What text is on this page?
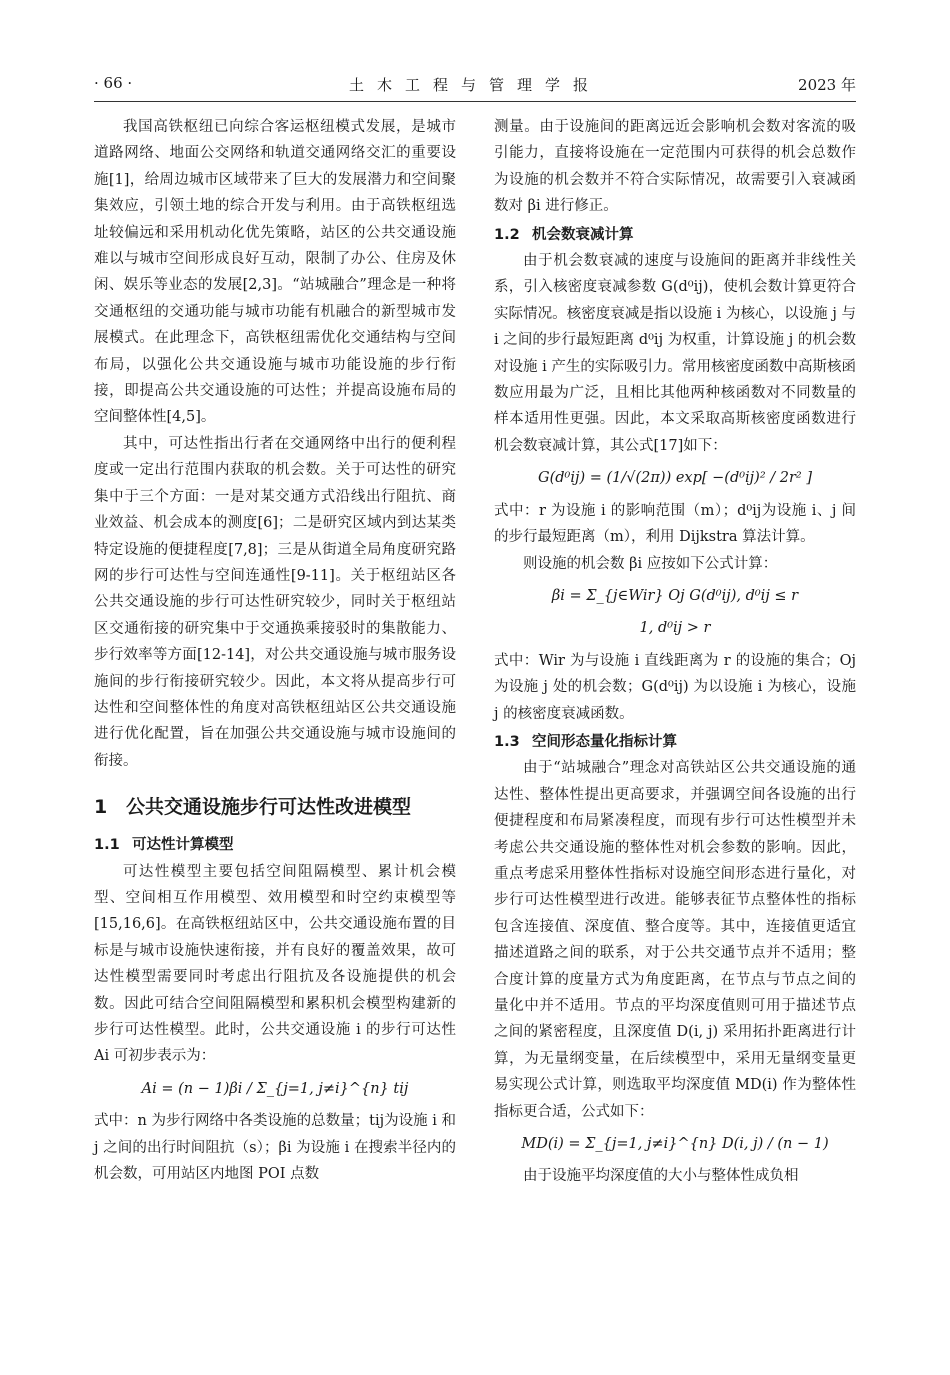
· 66 ·	土木工程与管理学报	2023 年

我国高铁枢纽已向综合客运枢纽模式发展，是城市道路网络、地面公交网络和轨道交通网络交汇的重要设施[1]，给周边城市区域带来了巨大的发展潜力和空间聚集效应，引领土地的综合开发与利用。由于高铁枢纽选址较偏远和采用机动化优先策略，站区的公共交通设施难以与城市空间形成良好互动，限制了办公、住房及休闲、娱乐等业态的发展[2,3]。“站城融合”理念是一种将交通枢纽的交通功能与城市功能有机融合的新型城市发展模式。在此理念下，高铁枢纽需优化交通结构与空间布局，以强化公共交通设施与城市功能设施的步行衔接，即提高公共交通设施的可达性；并提高设施布局的空间整体性[4,5]。

其中，可达性指出行者在交通网络中出行的便利程度或一定出行范围内获取的机会数。关于可达性的研究集中于三个方面：一是对某交通方式沿线出行阻抗、商业效益、机会成本的测度[6]；二是研究区域内到达某类特定设施的便捷程度[7,8]；三是从街道全局角度研究路网的步行可达性与空间连通性[9-11]。关于枢纽站区各公共交通设施的步行可达性研究较少，同时关于枢纽站区交通衔接的研究集中于交通换乘接驳时的集散能力、步行效率等方面[12-14]，对公共交通设施与城市服务设施间的步行衔接研究较少。因此，本文将从提高步行可达性和空间整体性的角度对高铁枢纽站区公共交通设施进行优化配置，旨在加强公共交通设施与城市设施间的衔接。

1 公共交通设施步行可达性改进模型
1.1 可达性计算模型

可达性模型主要包括空间阻隔模型、累计机会模型、空间相互作用模型、效用模型和时空约束模型等[15,16,6]。在高铁枢纽站区中，公共交通设施布置的目标是与城市设施快速衔接，并有良好的覆盖效果，故可达性模型需要同时考虑出行阻抗及各设施提供的机会数。因此可结合空间阻隔模型和累积机会模型构建新的步行可达性模型。此时，公共交通设施 i 的步行可达性 Ai 可初步表示为：

Ai = (n − 1)βi / Σ_{j=1, j≠i}^{n} tij

式中：n 为步行网络中各类设施的总数量；tij为设施 i 和 j 之间的出行时间阻抗（s）；βi 为设施 i 在搜索半径内的机会数，可用站区内地图 POI 点数

测量。由于设施间的距离远近会影响机会数对客流的吸引能力，直接将设施在一定范围内可获得的机会总数作为设施的机会数并不符合实际情况，故需要引入衰减函数对 βi 进行修正。

1.2 机会数衰减计算

由于机会数衰减的速度与设施间的距离并非线性关系，引入核密度衰减参数 G(d⁰ij)，使机会数计算更符合实际情况。核密度衰减是指以设施 i 为核心，以设施 j 与 i 之间的步行最短距离 d⁰ij 为权重，计算设施 j 的机会数对设施 i 产生的实际吸引力。常用核密度函数中高斯核函数应用最为广泛，且相比其他两种核函数对不同数量的样本适用性更强。因此，本文采取高斯核密度函数进行机会数衰减计算，其公式[17]如下：

G(d⁰ij) = (1/√(2π)) exp[ −(d⁰ij)² / 2r² ]

式中：r 为设施 i 的影响范围（m）；d⁰ij为设施 i、j 间的步行最短距离（m），利用 Dijkstra 算法计算。

则设施的机会数 βi 应按如下公式计算：

βi = Σ_{j∈Wir} Oj G(d⁰ij), d⁰ij ≤ r
1, d⁰ij > r

式中：Wir 为与设施 i 直线距离为 r 的设施的集合；Oj 为设施 j 处的机会数；G(d⁰ij) 为以设施 i 为核心，设施 j 的核密度衰减函数。

1.3 空间形态量化指标计算

由于“站城融合”理念对高铁站区公共交通设施的通达性、整体性提出更高要求，并强调空间各设施的出行便捷程度和布局紧凑程度，而现有步行可达性模型并未考虑公共交通设施的整体性对机会参数的影响。因此，重点考虑采用整体性指标对设施空间形态进行量化，对步行可达性模型进行改进。能够表征节点整体性的指标包含连接值、深度值、整合度等。其中，连接值更适宜描述道路之间的联系，对于公共交通节点并不适用；整合度计算的度量方式为角度距离，在节点与节点之间的量化中并不适用。节点的平均深度值则可用于描述节点之间的紧密程度，且深度值 D(i, j) 采用拓扑距离进行计算，为无量纲变量，在后续模型中，采用无量纲变量更易实现公式计算，则选取平均深度值 MD(i) 作为整体性指标更合适，公式如下：

MD(i) = Σ_{j=1, j≠i}^{n} D(i, j) / (n − 1)

由于设施平均深度值的大小与整体性成负相
